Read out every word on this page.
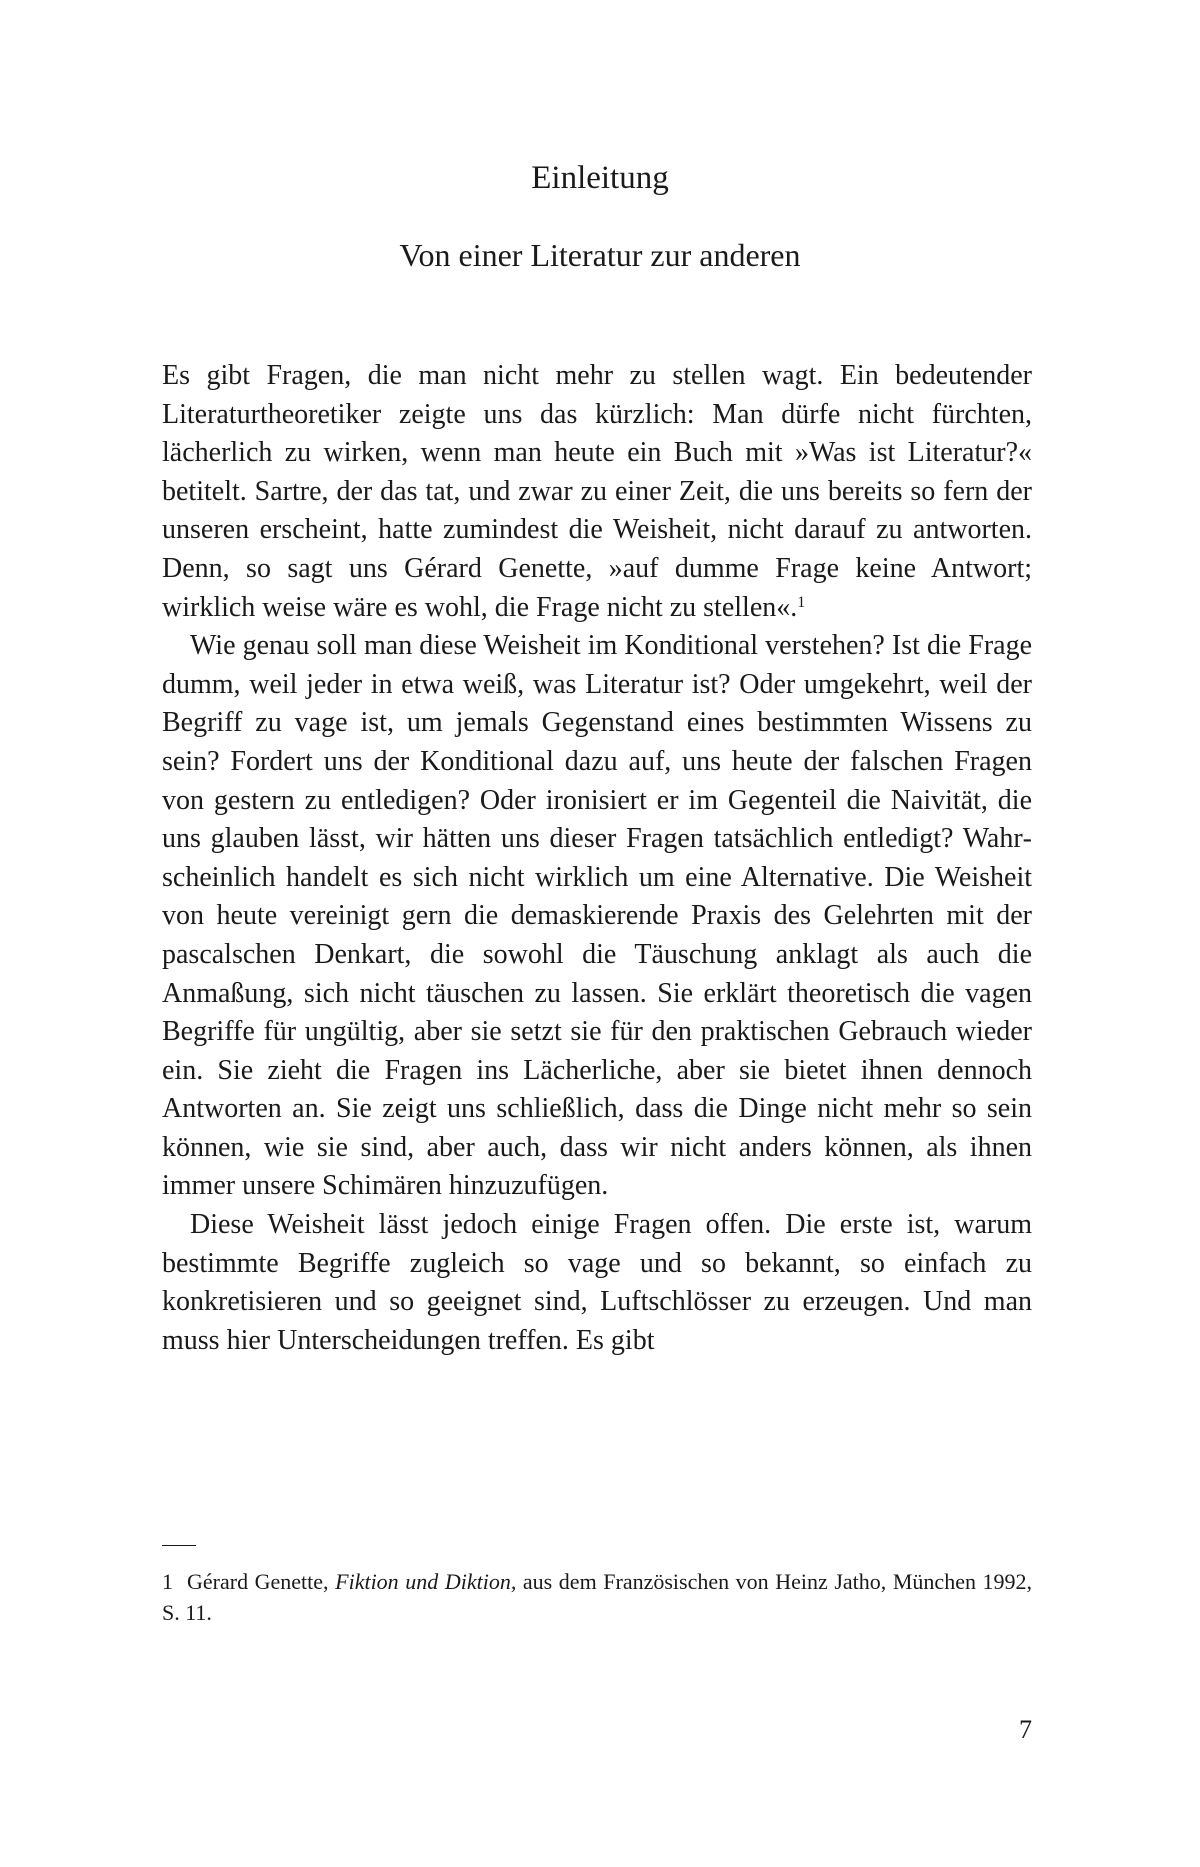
Einleitung
Von einer Literatur zur anderen

Es gibt Fragen, die man nicht mehr zu stellen wagt. Ein bedeutender Literaturtheoretiker zeigte uns das kürzlich: Man dürfe nicht fürchten, lächerlich zu wirken, wenn man heute ein Buch mit »Was ist Literatur?« betitelt. Sartre, der das tat, und zwar zu einer Zeit, die uns bereits so fern der unseren erscheint, hatte zumindest die Weisheit, nicht darauf zu antworten. Denn, so sagt uns Gérard Genette, »auf dumme Frage keine Antwort; wirklich weise wäre es wohl, die Frage nicht zu stellen«.$^1$

Wie genau soll man diese Weisheit im Konditional verstehen? Ist die Frage dumm, weil jeder in etwa weiß, was Literatur ist? Oder umgekehrt, weil der Begriff zu vage ist, um jemals Gegenstand eines bestimmten Wissens zu sein? Fordert uns der Konditional dazu auf, uns heute der falschen Fragen von gestern zu entledigen? Oder ironisiert er im Gegenteil die Naivität, die uns glauben lässt, wir hätten uns dieser Fragen tatsächlich entledigt? Wahrscheinlich handelt es sich nicht wirklich um eine Alternative. Die Weisheit von heute vereinigt gern die demaskierende Praxis des Gelehrten mit der pascalschen Denkart, die sowohl die Täuschung anklagt als auch die Anmaßung, sich nicht täuschen zu lassen. Sie erklärt theoretisch die vagen Begriffe für ungültig, aber sie setzt sie für den praktischen Gebrauch wieder ein. Sie zieht die Fragen ins Lächerliche, aber sie bietet ihnen dennoch Antworten an. Sie zeigt uns schließlich, dass die Dinge nicht mehr so sein können, wie sie sind, aber auch, dass wir nicht anders können, als ihnen immer unsere Schimären hinzuzufügen.

Diese Weisheit lässt jedoch einige Fragen offen. Die erste ist, warum bestimmte Begriffe zugleich so vage und so bekannt, so einfach zu konkretisieren und so geeignet sind, Luftschlösser zu erzeugen. Und man muss hier Unterscheidungen treffen. Es gibt

1 Gérard Genette, Fiktion und Diktion, aus dem Französischen von Heinz Jatho, München 1992, S. 11.

7
